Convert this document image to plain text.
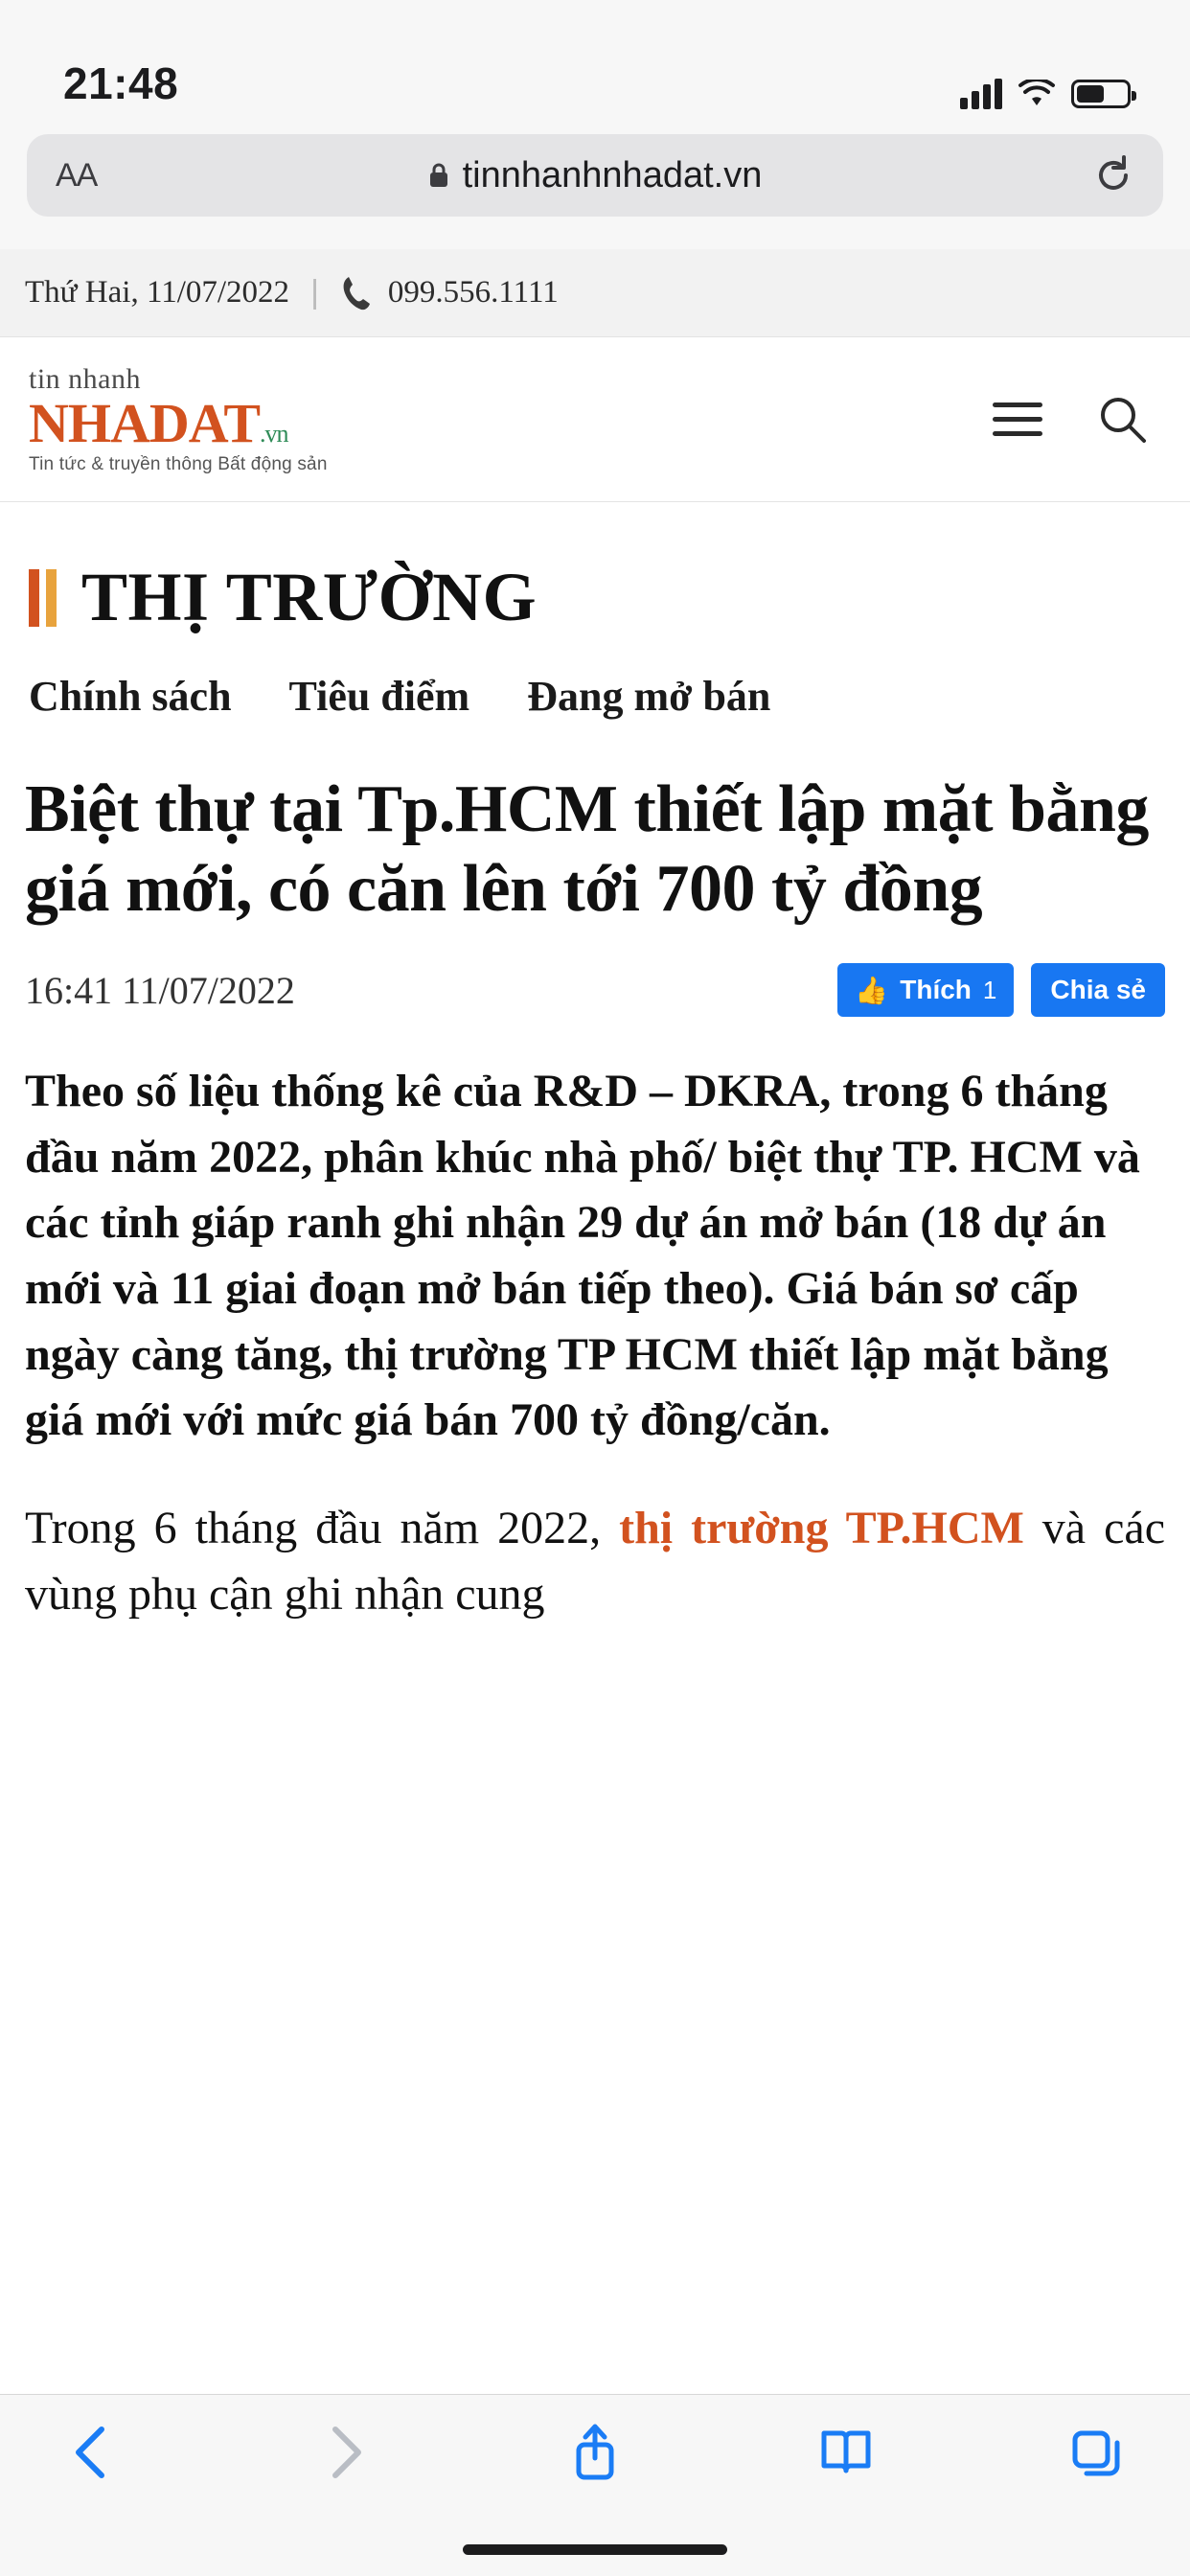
21:48
AA	tinnhanhnhadat.vn
Thứ Hai, 11/07/2022 | 099.556.1111
tin nhanh
NHADAT.vn
Tin tức & truyền thông Bất động sản
THỊ TRƯỜNG
Chính sách Tiêu điểm Đang mở bán
Biệt thự tại Tp.HCM thiết lập mặt bằng giá mới, có căn lên tới 700 tỷ đồng
16:41 11/07/2022	👍 Thích 1 Chia sẻ

Theo số liệu thống kê của R&D – DKRA, trong 6 tháng đầu năm 2022, phân khúc nhà phố/ biệt thự TP. HCM và các tỉnh giáp ranh ghi nhận 29 dự án mở bán (18 dự án mới và 11 giai đoạn mở bán tiếp theo). Giá bán sơ cấp ngày càng tăng, thị trường TP HCM thiết lập mặt bằng giá mới với mức giá bán 700 tỷ đồng/căn.

Trong 6 tháng đầu năm 2022, thị trường TP.HCM và các vùng phụ cận ghi nhận cung
